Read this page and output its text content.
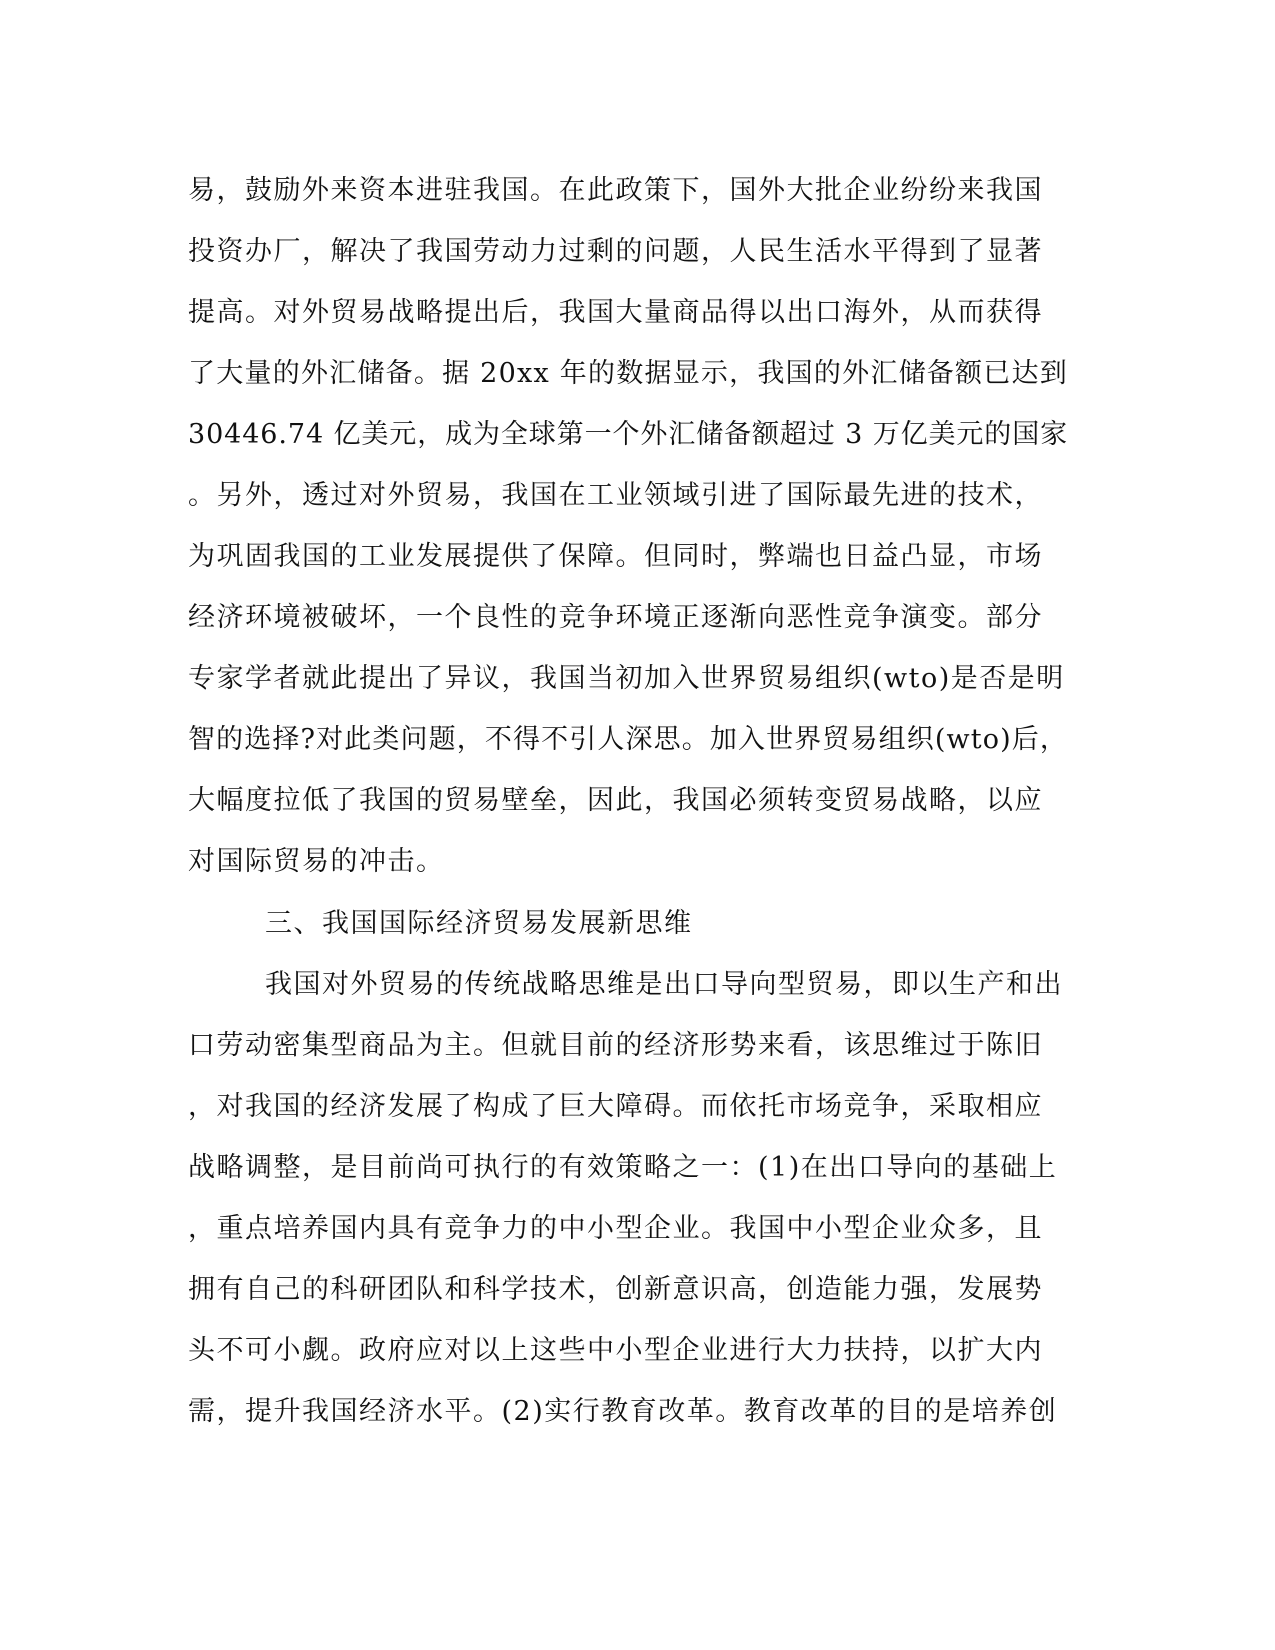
易，鼓励外来资本进驻我国。在此政策下，国外大批企业纷纷来我国
投资办厂，解决了我国劳动力过剩的问题，人民生活水平得到了显著
提高。对外贸易战略提出后，我国大量商品得以出口海外，从而获得
了大量的外汇储备。据 20xx 年的数据显示，我国的外汇储备额已达到
30446.74 亿美元，成为全球第一个外汇储备额超过 3 万亿美元的国家
。另外，透过对外贸易，我国在工业领域引进了国际最先进的技术，
为巩固我国的工业发展提供了保障。但同时，弊端也日益凸显，市场
经济环境被破坏，一个良性的竞争环境正逐渐向恶性竞争演变。部分
专家学者就此提出了异议，我国当初加入世界贸易组织(wto)是否是明
智的选择?对此类问题，不得不引人深思。加入世界贸易组织(wto)后，
大幅度拉低了我国的贸易壁垒，因此，我国必须转变贸易战略，以应
对国际贸易的冲击。
三、我国国际经济贸易发展新思维
我国对外贸易的传统战略思维是出口导向型贸易，即以生产和出
口劳动密集型商品为主。但就目前的经济形势来看，该思维过于陈旧
，对我国的经济发展了构成了巨大障碍。而依托市场竞争，采取相应
战略调整，是目前尚可执行的有效策略之一：(1)在出口导向的基础上
，重点培养国内具有竞争力的中小型企业。我国中小型企业众多，且
拥有自己的科研团队和科学技术，创新意识高，创造能力强，发展势
头不可小觑。政府应对以上这些中小型企业进行大力扶持，以扩大内
需，提升我国经济水平。(2)实行教育改革。教育改革的目的是培养创
